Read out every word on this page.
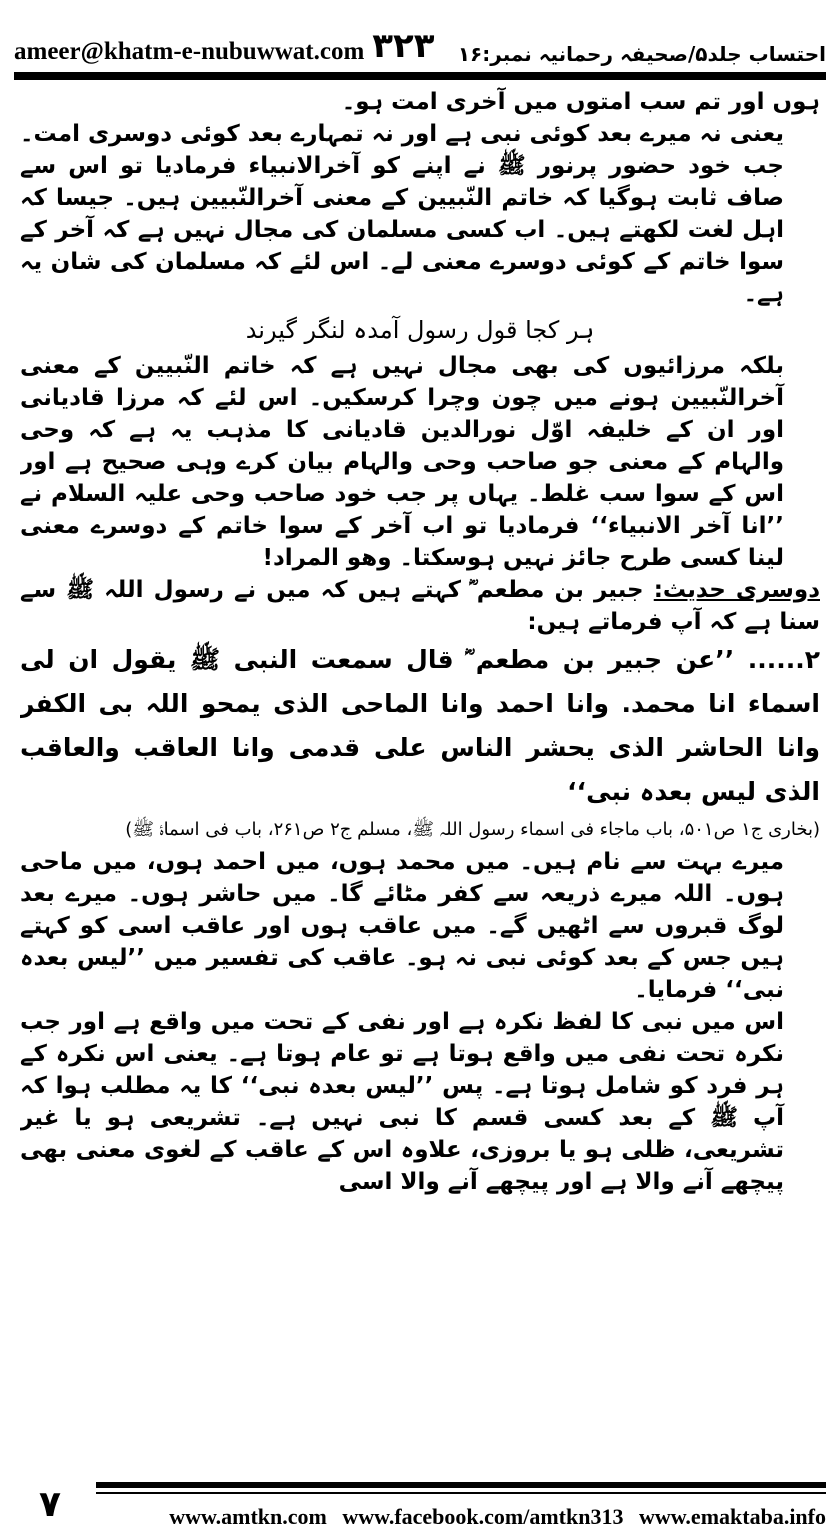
ameer@khatm-e-nubuwwat.com ۳۲۳ احتساب جلد۵/صحیفہ رحمانیہ نمبر:۱۶

ہوں اور تم سب امتوں میں آخری امت ہو۔

یعنی نہ میرے بعد کوئی نبی ہے اور نہ تمہارے بعد کوئی دوسری امت۔ جب خود حضور پرنور ﷺ نے اپنے کو آخرالانبیاء فرمادیا تو اس سے صاف ثابت ہوگیا کہ خاتم النّبیین کے معنی آخرالنّبیین ہیں۔ جیسا کہ اہل لغت لکھتے ہیں۔ اب کسی مسلمان کی مجال نہیں ہے کہ آخر کے سوا خاتم کے کوئی دوسرے معنی لے۔ اس لئے کہ مسلمان کی شان یہ ہے۔

ہر کجا قول رسول آمدہ لنگر گیرند

بلکہ مرزائیوں کی بھی مجال نہیں ہے کہ خاتم النّبیین کے معنی آخرالنّبیین ہونے میں چون وچرا کرسکیں۔ اس لئے کہ مرزا قادیانی اور ان کے خلیفہ اوّل نورالدین قادیانی کا مذہب یہ ہے کہ وحی والہام کے معنی جو صاحب وحی والہام بیان کرے وہی صحیح ہے اور اس کے سوا سب غلط۔ یہاں پر جب خود صاحب وحی علیہ السلام نے ’’انا آخر الانبیاء‘‘ فرمادیا تو اب آخر کے سوا خاتم کے دوسرے معنی لینا کسی طرح جائز نہیں ہوسکتا۔ وھو المراد!

دوسری حدیث: جبیر بن مطعم ؓ کہتے ہیں کہ میں نے رسول اللہ ﷺ سے سنا ہے کہ آپ فرماتے ہیں:

۲...... ’’عن جبیر بن مطعم ؓ قال سمعت النبی ﷺ یقول ان لی اسماء انا محمد. وانا احمد وانا الماحی الذی یمحو اللہ بی الکفر وانا الحاشر الذی یحشر الناس علی قدمی وانا العاقب والعاقب الذی لیس بعدہ نبی‘‘

(بخاری ج۱ ص۵۰۱، باب ماجاء فی اسماء رسول اللہ ﷺ، مسلم ج۲ ص۲۶۱، باب فی اسماۂ ﷺ)

میرے بہت سے نام ہیں۔ میں محمد ہوں، میں احمد ہوں، میں ماحی ہوں۔ اللہ میرے ذریعہ سے کفر مٹائے گا۔ میں حاشر ہوں۔ میرے بعد لوگ قبروں سے اٹھیں گے۔ میں عاقب ہوں اور عاقب اسی کو کہتے ہیں جس کے بعد کوئی نبی نہ ہو۔ عاقب کی تفسیر میں ’’لیس بعدہ نبی‘‘ فرمایا۔

اس میں نبی کا لفظ نکرہ ہے اور نفی کے تحت میں واقع ہے اور جب نکرہ تحت نفی میں واقع ہوتا ہے تو عام ہوتا ہے۔ یعنی اس نکرہ کے ہر فرد کو شامل ہوتا ہے۔ پس ’’لیس بعدہ نبی‘‘ کا یہ مطلب ہوا کہ آپ ﷺ کے بعد کسی قسم کا نبی نہیں ہے۔ تشریعی ہو یا غیر تشریعی، ظلی ہو یا بروزی، علاوہ اس کے عاقب کے لغوی معنی بھی پیچھے آنے والا ہے اور پیچھے آنے والا اسی

۷	www.amtkn.com www.facebook.com/amtkn313 www.emaktaba.info
